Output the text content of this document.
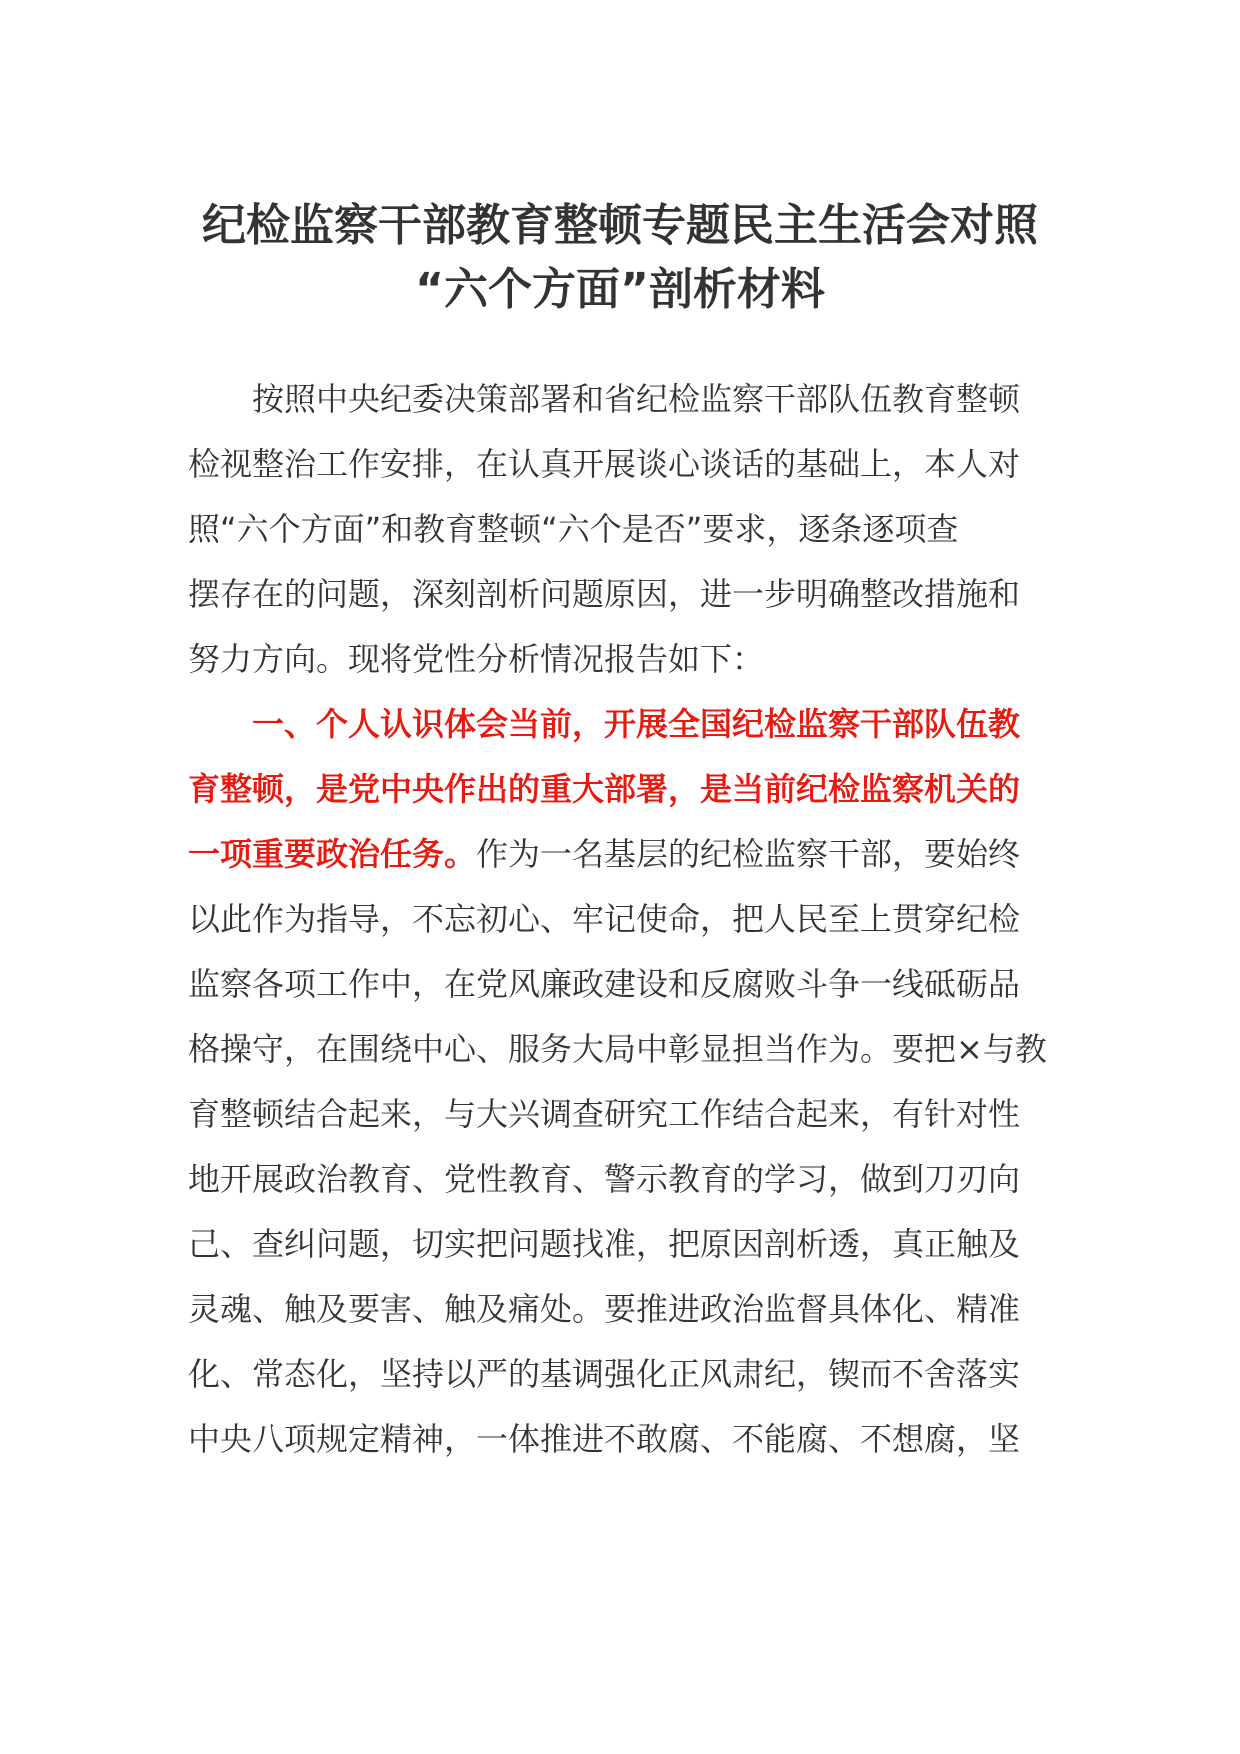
纪检监察干部教育整顿专题民主生活会对照
“六个方面”剖析材料
按照中央纪委决策部署和省纪检监察干部队伍教育整顿
检视整治工作安排，在认真开展谈心谈话的基础上，本人对
照“六个方面”和教育整顿“六个是否”要求，逐条逐项查
摆存在的问题，深刻剖析问题原因，进一步明确整改措施和
努力方向。现将党性分析情况报告如下：
一、个人认识体会当前，开展全国纪检监察干部队伍教
育整顿，是党中央作出的重大部署，是当前纪检监察机关的
一项重要政治任务。作为一名基层的纪检监察干部，要始终
以此作为指导，不忘初心、牢记使命，把人民至上贯穿纪检
监察各项工作中，在党风廉政建设和反腐败斗争一线砥砺品
格操守，在围绕中心、服务大局中彰显担当作为。要把×与教
育整顿结合起来，与大兴调查研究工作结合起来，有针对性
地开展政治教育、党性教育、警示教育的学习，做到刀刃向
己、查纠问题，切实把问题找准，把原因剖析透，真正触及
灵魂、触及要害、触及痛处。要推进政治监督具体化、精准
化、常态化，坚持以严的基调强化正风肃纪，锲而不舍落实
中央八项规定精神，一体推进不敢腐、不能腐、不想腐，坚
